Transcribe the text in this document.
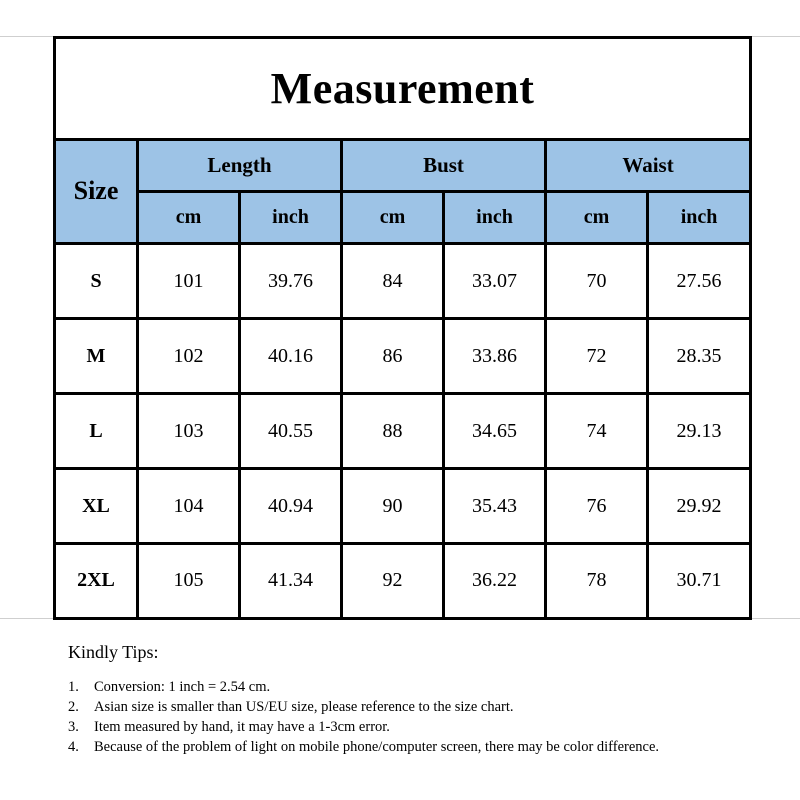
Measurement						
Size	Length		Bust		Waist	
	cm	inch	cm	inch	cm	inch
S	101	39.76	84	33.07	70	27.56
M	102	40.16	86	33.86	72	28.35
L	103	40.55	88	34.65	74	29.13
XL	104	40.94	90	35.43	76	29.92
2XL	105	41.34	92	36.22	78	30.71

Kindly Tips:

1. Conversion: 1 inch = 2.54 cm.
2. Asian size is smaller than US/EU size, please reference to the size chart.
3. Item measured by hand, it may have a 1-3cm error.
4. Because of the problem of light on mobile phone/computer screen, there may be color difference.
